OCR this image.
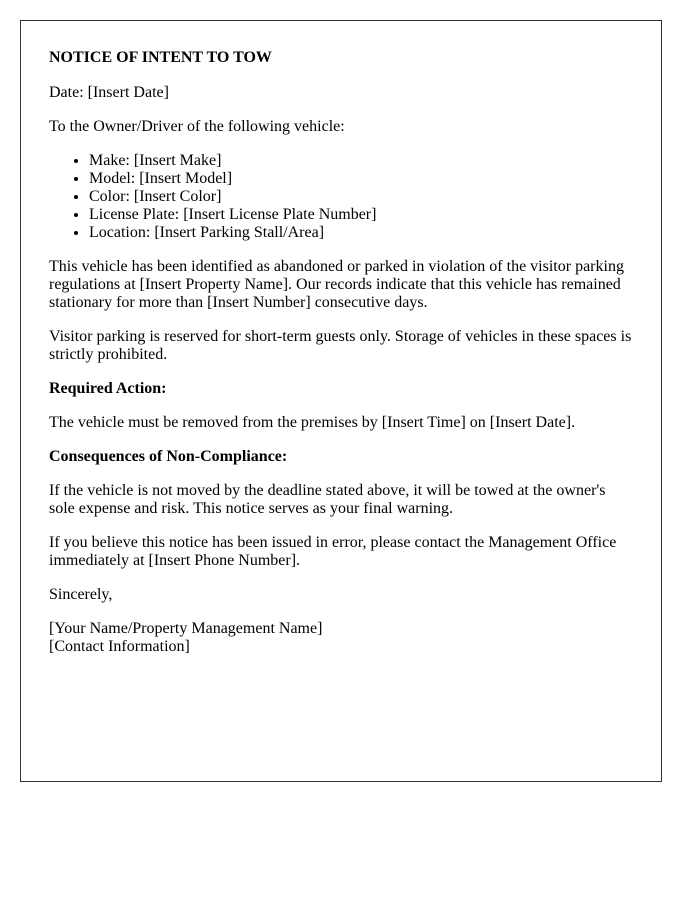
NOTICE OF INTENT TO TOW

Date: [Insert Date]

To the Owner/Driver of the following vehicle:

• Make: [Insert Make]
• Model: [Insert Model]
• Color: [Insert Color]
• License Plate: [Insert License Plate Number]
• Location: [Insert Parking Stall/Area]

This vehicle has been identified as abandoned or parked in violation of the visitor parking regulations at [Insert Property Name]. Our records indicate that this vehicle has remained stationary for more than [Insert Number] consecutive days.

Visitor parking is reserved for short-term guests only. Storage of vehicles in these spaces is strictly prohibited.

Required Action:

The vehicle must be removed from the premises by [Insert Time] on [Insert Date].

Consequences of Non-Compliance:

If the vehicle is not moved by the deadline stated above, it will be towed at the owner's sole expense and risk. This notice serves as your final warning.

If you believe this notice has been issued in error, please contact the Management Office immediately at [Insert Phone Number].

Sincerely,

[Your Name/Property Management Name]
[Contact Information]
